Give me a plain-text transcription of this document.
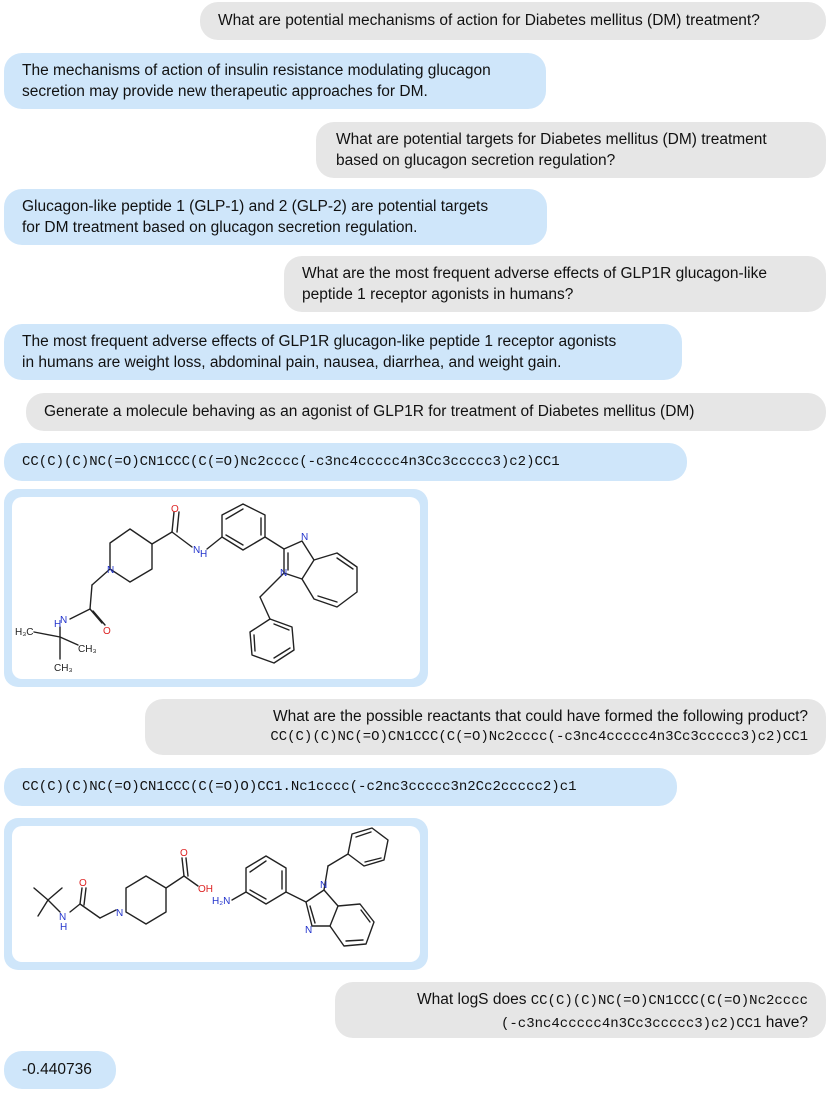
What are potential mechanisms of action for Diabetes mellitus (DM) treatment?
The mechanisms of action of insulin resistance modulating glucagon
secretion may provide new therapeutic approaches for DM.
What are potential targets for Diabetes mellitus (DM) treatment
based on glucagon secretion regulation?
Glucagon-like peptide 1 (GLP-1) and 2 (GLP-2) are potential targets
for DM treatment based on glucagon secretion regulation.
What are the most frequent adverse effects of GLP1R glucagon-like
peptide 1 receptor agonists in humans?
The most frequent adverse effects of GLP1R glucagon-like peptide 1 receptor agonists
in humans are weight loss, abdominal pain, nausea, diarrhea, and weight gain.
Generate a molecule behaving as an agonist of GLP1R for treatment of Diabetes mellitus (DM)
CC(C)(C)NC(=O)CN1CCC(C(=O)Nc2cccc(-c3nc4ccccc4n3Cc3ccccc3)c2)CC1
O
N H
N
N
N
N
H
O
H₃C
CH₃
CH₃
What are the possible reactants that could have formed the following product?
CC(C)(C)NC(=O)CN1CCC(C(=O)Nc2cccc(-c3nc4ccccc4n3Cc3ccccc3)c2)CC1
CC(C)(C)NC(=O)CN1CCC(C(=O)O)CC1.Nc1cccc(-c2nc3ccccc3n2Cc2ccccc2)c1
N
H
O
N
O
OH
H₂N
N
N
What logS does CC(C)(C)NC(=O)CN1CCC(C(=O)Nc2cccc
(-c3nc4ccccc4n3Cc3ccccc3)c2)CC1 have?
-0.440736
